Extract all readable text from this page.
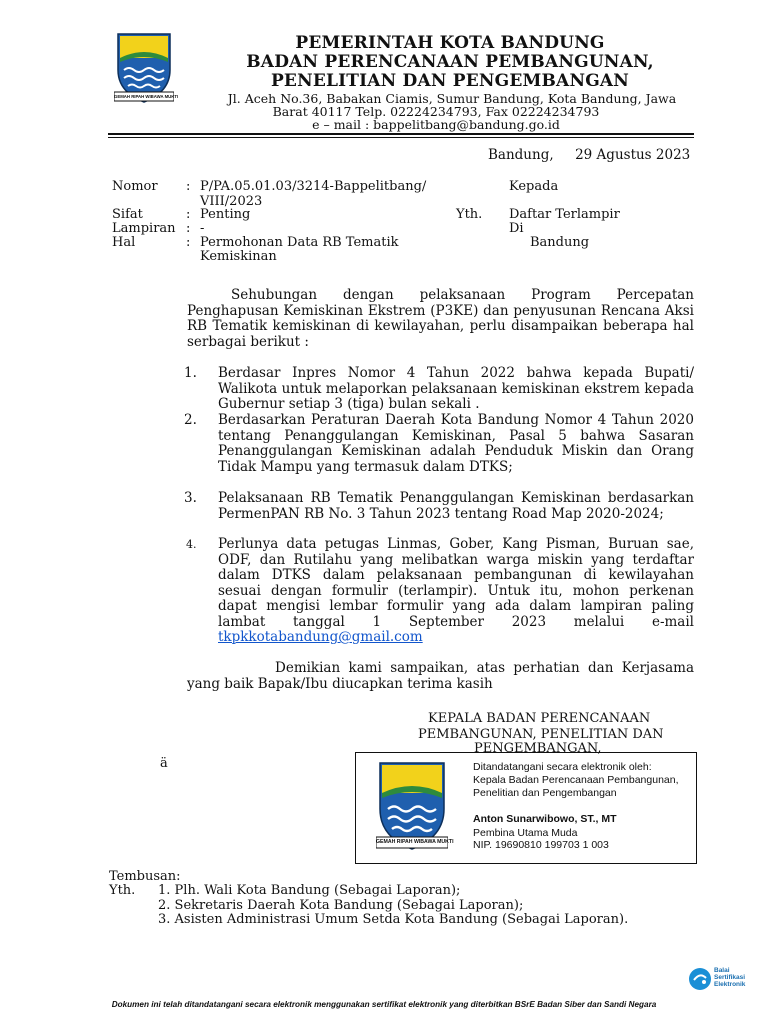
GEMAH RIPAH WIBAWA MUKTI
PEMERINTAH KOTA BANDUNG
BADAN PERENCANAAN PEMBANGUNAN,
PENELITIAN DAN PENGEMBANGAN
Jl. Aceh No.36, Babakan Ciamis, Sumur Bandung, Kota Bandung, Jawa
Barat 40117 Telp. 02224234793, Fax 02224234793
e – mail : bappelitbang@bandung.go.id
Bandung,     29 Agustus 2023
Nomor : P/PA.05.01.03/3214-Bappelitbang/
VIII/2023
Sifat	: Penting
Lampiran : -
Hal	: Permohonan Data RB Tematik
Kemiskinan
Kepada
Yth. Daftar Terlampir
Di
Bandung
Sehubungan dengan pelaksanaan Program Percepatan Penghapusan Kemiskinan Ekstrem (P3KE) dan penyusunan Rencana Aksi RB Tematik kemiskinan di kewilayahan, perlu disampaikan beberapa hal serbagai berikut :
1. Berdasar Inpres Nomor 4 Tahun 2022 bahwa kepada Bupati/ Walikota untuk melaporkan pelaksanaan kemiskinan ekstrem kepada Gubernur setiap 3 (tiga) bulan sekali .
2. Berdasarkan Peraturan Daerah Kota Bandung Nomor 4 Tahun 2020 tentang Penanggulangan Kemiskinan, Pasal 5 bahwa Sasaran Penanggulangan Kemiskinan adalah Penduduk Miskin dan Orang Tidak Mampu yang termasuk dalam DTKS;
3. Pelaksanaan RB Tematik Penanggulangan Kemiskinan berdasarkan PermenPAN RB No. 3 Tahun 2023 tentang Road Map 2020-2024;
4. Perlunya data petugas Linmas, Gober, Kang Pisman, Buruan sae, ODF, dan Rutilahu yang melibatkan warga miskin yang terdaftar dalam DTKS dalam pelaksanaan pembangunan di kewilayahan sesuai dengan formulir (terlampir). Untuk itu, mohon perkenan dapat mengisi lembar formulir yang ada dalam lampiran paling lambat tanggal 1 September 2023 melalui e-mail tkpkkotabandung@gmail.com
Demikian kami sampaikan, atas perhatian dan Kerjasama yang baik Bapak/Ibu diucapkan terima kasih
KEPALA BADAN PERENCANAAN
PEMBANGUNAN, PENELITIAN DAN
PENGEMBANGAN,
ä
GEMAH RIPAH WIBAWA MUKTI
Ditandatangani secara elektronik oleh:
Kepala Badan Perencanaan Pembangunan,
Penelitian dan Pengembangan
Anton Sunarwibowo, ST., MT
Pembina Utama Muda
NIP. 19690810 199703 1 003
Tembusan:
Yth. 1. Plh. Wali Kota Bandung (Sebagai Laporan);
2. Sekretaris Daerah Kota Bandung (Sebagai Laporan);
3. Asisten Administrasi Umum Setda Kota Bandung (Sebagai Laporan).
Balai
Sertifikasi
Elektronik
Dokumen ini telah ditandatangani secara elektronik menggunakan sertifikat elektronik yang diterbitkan BSrE Badan Siber dan Sandi Negara
